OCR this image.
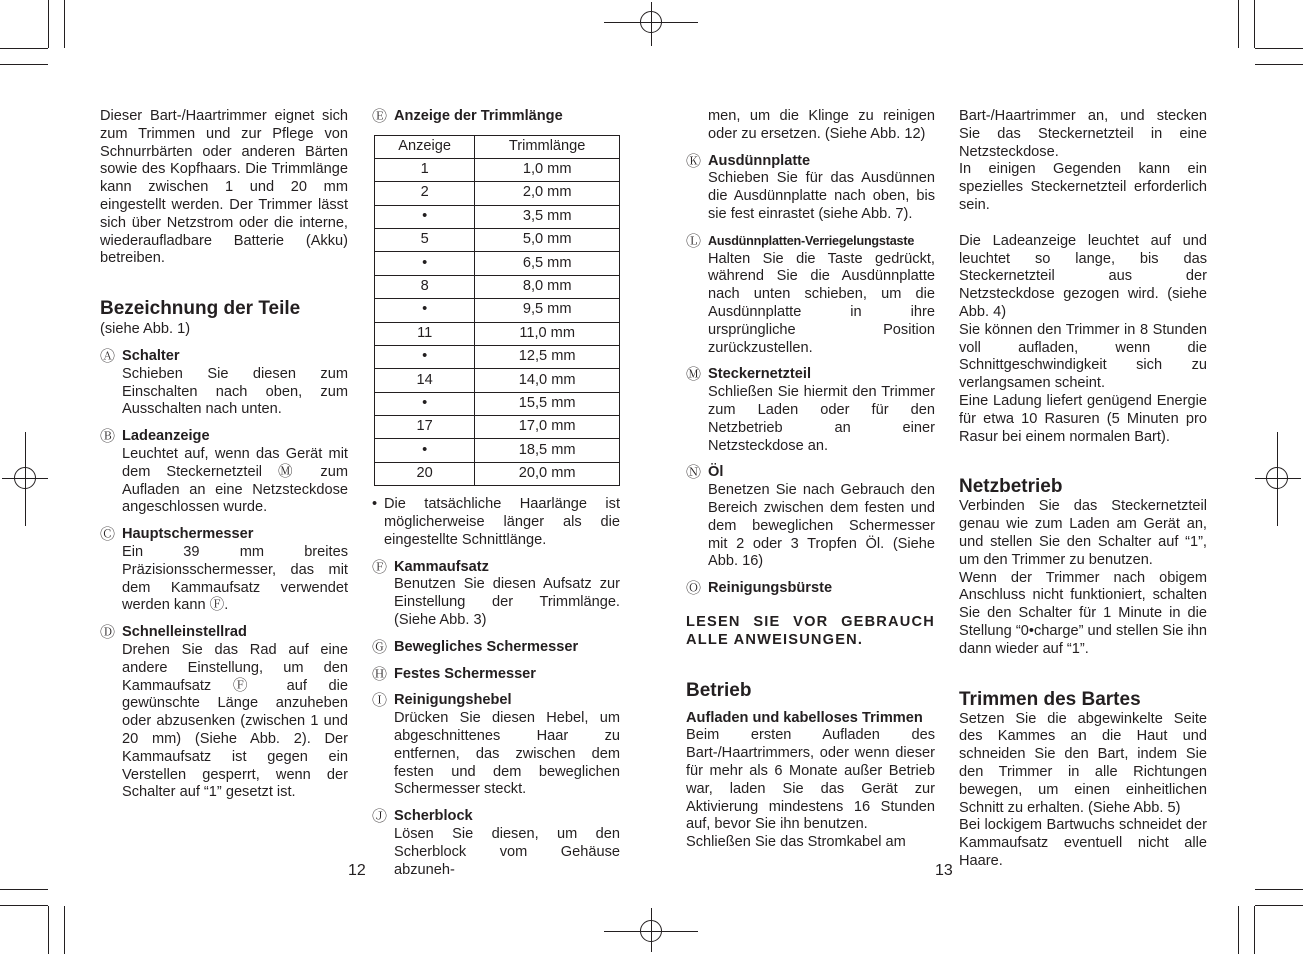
Dieser Bart-/Haartrimmer eignet sich zum Trimmen und zur Pflege von Schnurrbärten oder anderen Bärten sowie des Kopfhaars. Die Trimmlänge kann zwischen 1 und 20 mm eingestellt werden. Der Trimmer lässt sich über Netzstrom oder die interne, wiederaufladbare Batterie (Akku) betreiben.

Bezeichnung der Teile

(siehe Abb. 1)

Ⓐ Schalter
Schieben Sie diesen zum Einschalten nach oben, zum Ausschalten nach unten.
Ⓑ Ladeanzeige
Leuchtet auf, wenn das Gerät mit dem Steckernetzteil Ⓜ zum Aufladen an eine Netzsteckdose angeschlossen wurde.
Ⓒ Hauptschermesser
Ein 39 mm breites Präzisionsschermesser, das mit dem Kammaufsatz verwendet werden kann Ⓕ.
Ⓓ Schnelleinstellrad
Drehen Sie das Rad auf eine andere Einstellung, um den Kammaufsatz Ⓕ auf die gewünschte Länge anzuheben oder abzusenken (zwischen 1 und 20 mm) (Siehe Abb. 2). Der Kammaufsatz ist gegen ein Verstellen gesperrt, wenn der Schalter auf “1” gesetzt ist.
Ⓔ Anzeige der Trimmlänge
Anzeige	Trimmlänge
1	1,0 mm
2	2,0 mm
•	3,5 mm
5	5,0 mm
•	6,5 mm
8	8,0 mm
•	9,5 mm
11	11,0 mm
•	12,5 mm
14	14,0 mm
•	15,5 mm
17	17,0 mm
•	18,5 mm
20	20,0 mm
• Die tatsächliche Haarlänge ist möglicherweise länger als die eingestellte Schnittlänge.
Ⓕ Kammaufsatz
Benutzen Sie diesen Aufsatz zur Einstellung der Trimmlänge. (Siehe Abb. 3)
Ⓖ Bewegliches Schermesser
Ⓗ Festes Schermesser
Ⓘ Reinigungshebel
Drücken Sie diesen Hebel, um abgeschnittenes Haar zu entfernen, das zwischen dem festen und dem beweglichen Schermesser steckt.
Ⓙ Scherblock
Lösen Sie diesen, um den Scherblock vom Gehäuse abzuneh-

men, um die Klinge zu reinigen oder zu ersetzen. (Siehe Abb. 12)

Ⓚ Ausdünnplatte
Schieben Sie für das Ausdünnen die Ausdünnplatte nach oben, bis sie fest einrastet (siehe Abb. 7).
Ⓛ Ausdünnplatten-Verriegelungstaste
Halten Sie die Taste gedrückt, während Sie die Ausdünnplatte nach unten schieben, um die Ausdünnplatte in ihre ursprüngliche Position zurückzustellen.
Ⓜ Steckernetzteil
Schließen Sie hiermit den Trimmer zum Laden oder für den Netzbetrieb an einer Netzsteckdose an.
Ⓝ Öl
Benetzen Sie nach Gebrauch den Bereich zwischen dem festen und dem beweglichen Schermesser mit 2 oder 3 Tropfen Öl. (Siehe Abb. 16)
Ⓞ Reinigungsbürste

LESEN SIE VOR GEBRAUCH ALLE ANWEISUNGEN.

Betrieb

Aufladen und kabelloses Trimmen

Beim ersten Aufladen des Bart-/Haartrimmers, oder wenn dieser für mehr als 6 Monate außer Betrieb war, laden Sie das Gerät zur Aktivierung mindestens 16 Stunden auf, bevor Sie ihn benutzen.

Schließen Sie das Stromkabel am

Bart-/Haartrimmer an, und stecken Sie das Steckernetzteil in eine Netzsteckdose.

In einigen Gegenden kann ein spezielles Steckernetzteil erforderlich sein.

Die Ladeanzeige leuchtet auf und leuchtet so lange, bis das Steckernetzteil aus der Netzsteckdose gezogen wird. (siehe Abb. 4)

Sie können den Trimmer in 8 Stunden voll aufladen, wenn die Schnittgeschwindigkeit sich zu verlangsamen scheint.

Eine Ladung liefert genügend Energie für etwa 10 Rasuren (5 Minuten pro Rasur bei einem normalen Bart).

Netzbetrieb

Verbinden Sie das Steckernetzteil genau wie zum Laden am Gerät an, und stellen Sie den Schalter auf “1”, um den Trimmer zu benutzen.

Wenn der Trimmer nach obigem Anschluss nicht funktioniert, schalten Sie den Schalter für 1 Minute in die Stellung “0•charge” und stellen Sie ihn dann wieder auf “1”.

Trimmen des Bartes

Setzen Sie die abgewinkelte Seite des Kammes an die Haut und schneiden Sie den Bart, indem Sie den Trimmer in alle Richtungen bewegen, um einen einheitlichen Schnitt zu erhalten. (Siehe Abb. 5)

Bei lockigem Bartwuchs schneidet der Kammaufsatz eventuell nicht alle Haare.

12	13
